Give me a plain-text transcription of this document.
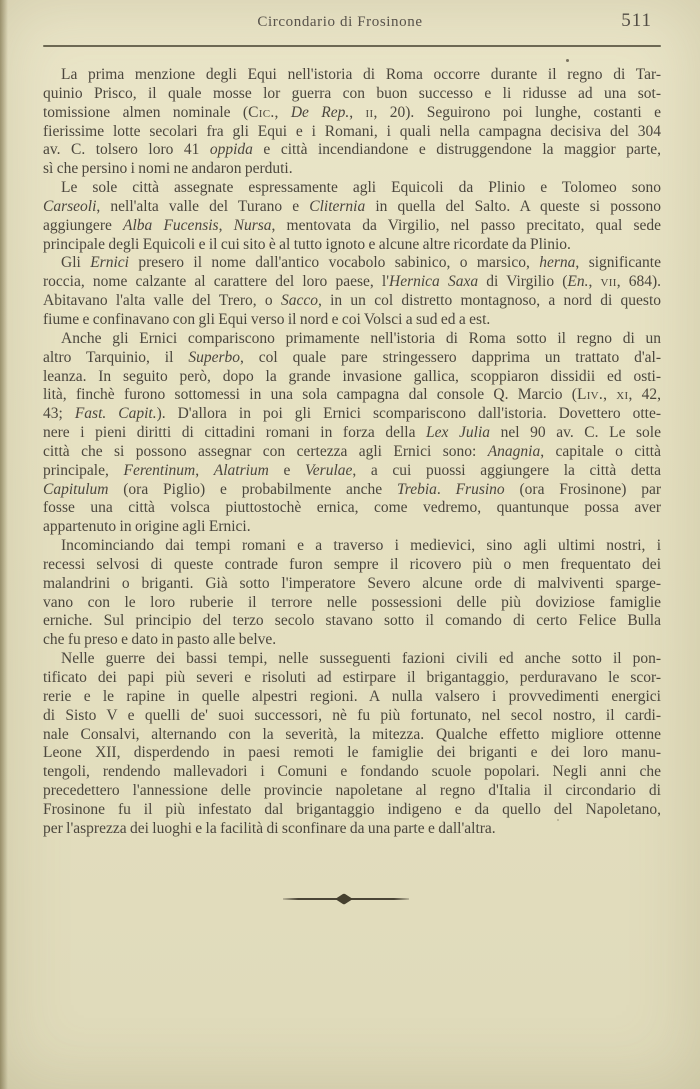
Circondario di Frosinone	511
La prima menzione degli Equi nell'istoria di Roma occorre durante il regno di Tar-
quinio Prisco, il quale mosse lor guerra con buon successo e li ridusse ad una sot-
tomissione almen nominale (Cic., De Rep., ii, 20). Seguirono poi lunghe, costanti e
fierissime lotte secolari fra gli Equi e i Romani, i quali nella campagna decisiva del 304
av. C. tolsero loro 41 oppida e città incendiandone e distruggendone la maggior parte,
sì che persino i nomi ne andaron perduti.
Le sole città assegnate espressamente agli Equicoli da Plinio e Tolomeo sono
Carseoli, nell'alta valle del Turano e Cliternia in quella del Salto. A queste si possono
aggiungere Alba Fucensis, Nursa, mentovata da Virgilio, nel passo precitato, qual sede
principale degli Equicoli e il cui sito è al tutto ignoto e alcune altre ricordate da Plinio.
Gli Ernici presero il nome dall'antico vocabolo sabinico, o marsico, herna, significante
roccia, nome calzante al carattere del loro paese, l'Hernica Saxa di Virgilio (En., vii, 684).
Abitavano l'alta valle del Trero, o Sacco, in un col distretto montagnoso, a nord di questo
fiume e confinavano con gli Equi verso il nord e coi Volsci a sud ed a est.
Anche gli Ernici compariscono primamente nell'istoria di Roma sotto il regno di un
altro Tarquinio, il Superbo, col quale pare stringessero dapprima un trattato d'al-
leanza. In seguito però, dopo la grande invasione gallica, scoppiaron dissidii ed osti-
lità, finchè furono sottomessi in una sola campagna dal console Q. Marcio (Liv., xi, 42,
43; Fast. Capit.). D'allora in poi gli Ernici scompariscono dall'istoria. Dovettero otte-
nere i pieni diritti di cittadini romani in forza della Lex Julia nel 90 av. C. Le sole
città che si possono assegnar con certezza agli Ernici sono: Anagnia, capitale o città
principale, Ferentinum, Alatrium e Verulae, a cui puossi aggiungere la città detta
Capitulum (ora Piglio) e probabilmente anche Trebia. Frusino (ora Frosinone) par
fosse una città volsca piuttostochè ernica, come vedremo, quantunque possa aver
appartenuto in origine agli Ernici.
Incominciando dai tempi romani e a traverso i medievici, sino agli ultimi nostri, i
recessi selvosi di queste contrade furon sempre il ricovero più o men frequentato dei
malandrini o briganti. Già sotto l'imperatore Severo alcune orde di malviventi sparge-
vano con le loro ruberie il terrore nelle possessioni delle più doviziose famiglie
erniche. Sul principio del terzo secolo stavano sotto il comando di certo Felice Bulla
che fu preso e dato in pasto alle belve.
Nelle guerre dei bassi tempi, nelle susseguenti fazioni civili ed anche sotto il pon-
tificato dei papi più severi e risoluti ad estirpare il brigantaggio, perduravano le scor-
rerie e le rapine in quelle alpestri regioni. A nulla valsero i provvedimenti energici
di Sisto V e quelli de' suoi successori, nè fu più fortunato, nel secol nostro, il cardi-
nale Consalvi, alternando con la severità, la mitezza. Qualche effetto migliore ottenne
Leone XII, disperdendo in paesi remoti le famiglie dei briganti e dei loro manu-
tengoli, rendendo mallevadori i Comuni e fondando scuole popolari. Negli anni che
precedettero l'annessione delle provincie napoletane al regno d'Italia il circondario di
Frosinone fu il più infestato dal brigantaggio indigeno e da quello del Napoletano,
per l'asprezza dei luoghi e la facilità di sconfinare da una parte e dall'altra.
